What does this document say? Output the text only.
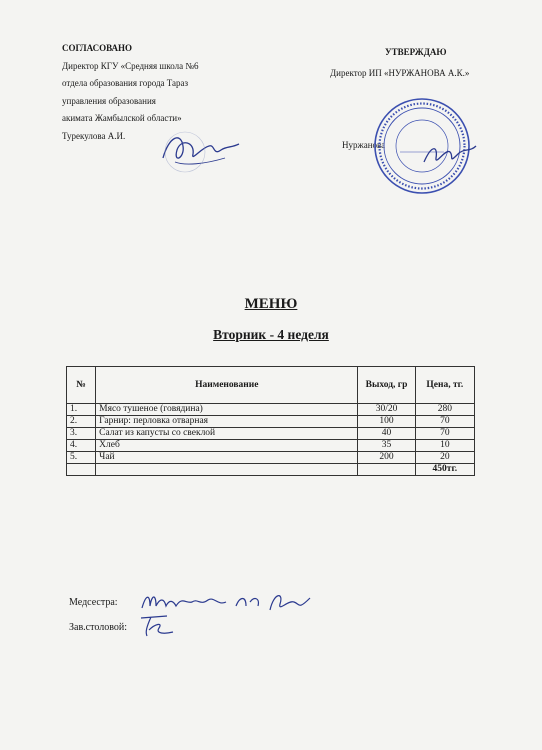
СОГЛАСОВАНО
Директор КГУ «Средняя школа №6
отдела образования города Тараз
управления образования
акимата Жамбылской области»
Турекулова А.И.
УТВЕРЖДАЮ
Директор ИП «НУРЖАНОВА А.К.»
Нуржанова
МЕНЮ
Вторник - 4 неделя
№	Наименование	Выход, гр	Цена, тг.
1.	Мясо тушеное (говядина)	30/20	280
2.	Гарнир: перловка отварная	100	70
3.	Салат из капусты со свеклой	40	70
4.	Хлеб	35	10
5.	Чай	200	20
			450тг.
Медсестра:
Зав.столовой:
